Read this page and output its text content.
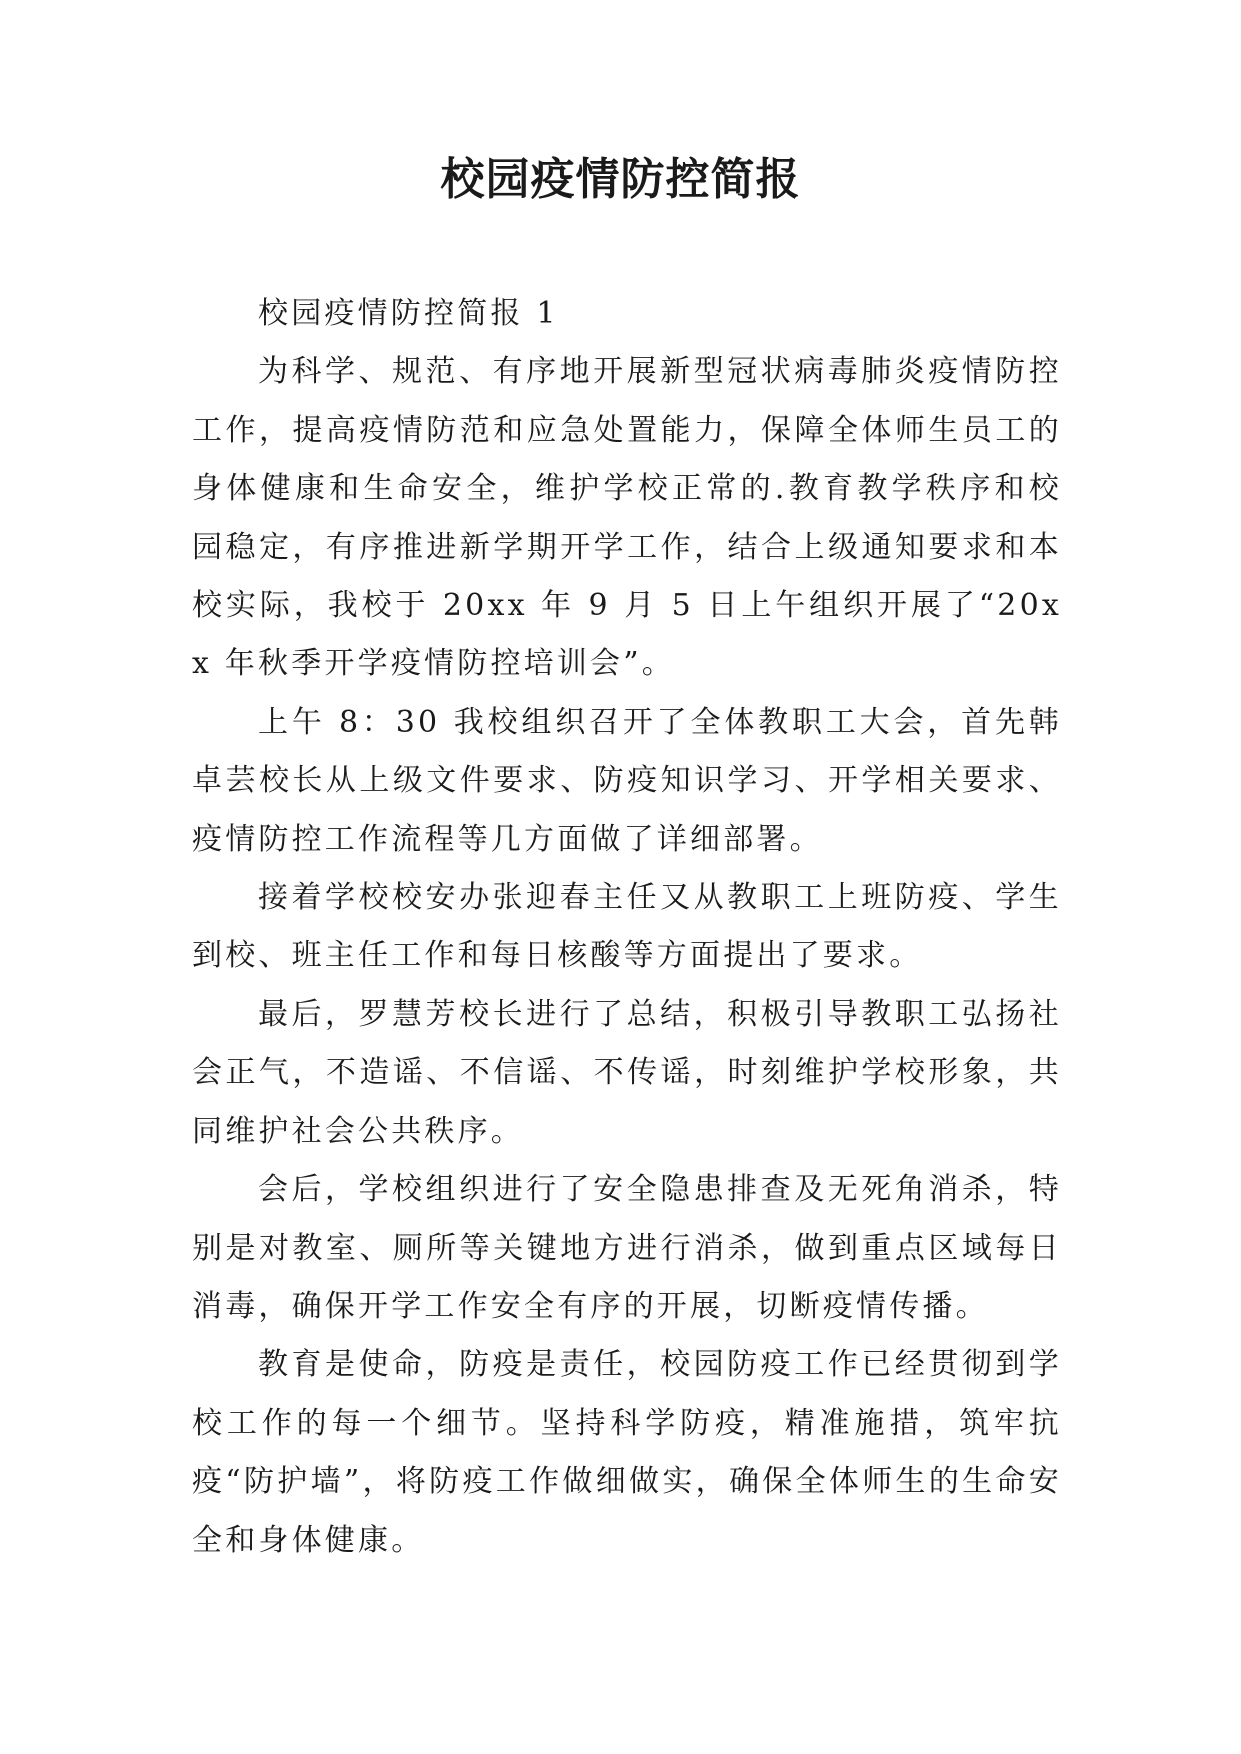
校园疫情防控简报

校园疫情防控简报 1

为科学、规范、有序地开展新型冠状病毒肺炎疫情防控工作，提高疫情防范和应急处置能力，保障全体师生员工的身体健康和生命安全，维护学校正常的.教育教学秩序和校园稳定，有序推进新学期开学工作，结合上级通知要求和本校实际，我校于 20xx 年 9 月 5 日上午组织开展了“20xx 年秋季开学疫情防控培训会”。

上午 8：30 我校组织召开了全体教职工大会，首先韩卓芸校长从上级文件要求、防疫知识学习、开学相关要求、疫情防控工作流程等几方面做了详细部署。

接着学校校安办张迎春主任又从教职工上班防疫、学生到校、班主任工作和每日核酸等方面提出了要求。

最后，罗慧芳校长进行了总结，积极引导教职工弘扬社会正气，不造谣、不信谣、不传谣，时刻维护学校形象，共同维护社会公共秩序。

会后，学校组织进行了安全隐患排查及无死角消杀，特别是对教室、厕所等关键地方进行消杀，做到重点区域每日消毒，确保开学工作安全有序的开展，切断疫情传播。

教育是使命，防疫是责任，校园防疫工作已经贯彻到学校工作的每一个细节。坚持科学防疫，精准施措，筑牢抗疫“防护墙”，将防疫工作做细做实，确保全体师生的生命安全和身体健康。
